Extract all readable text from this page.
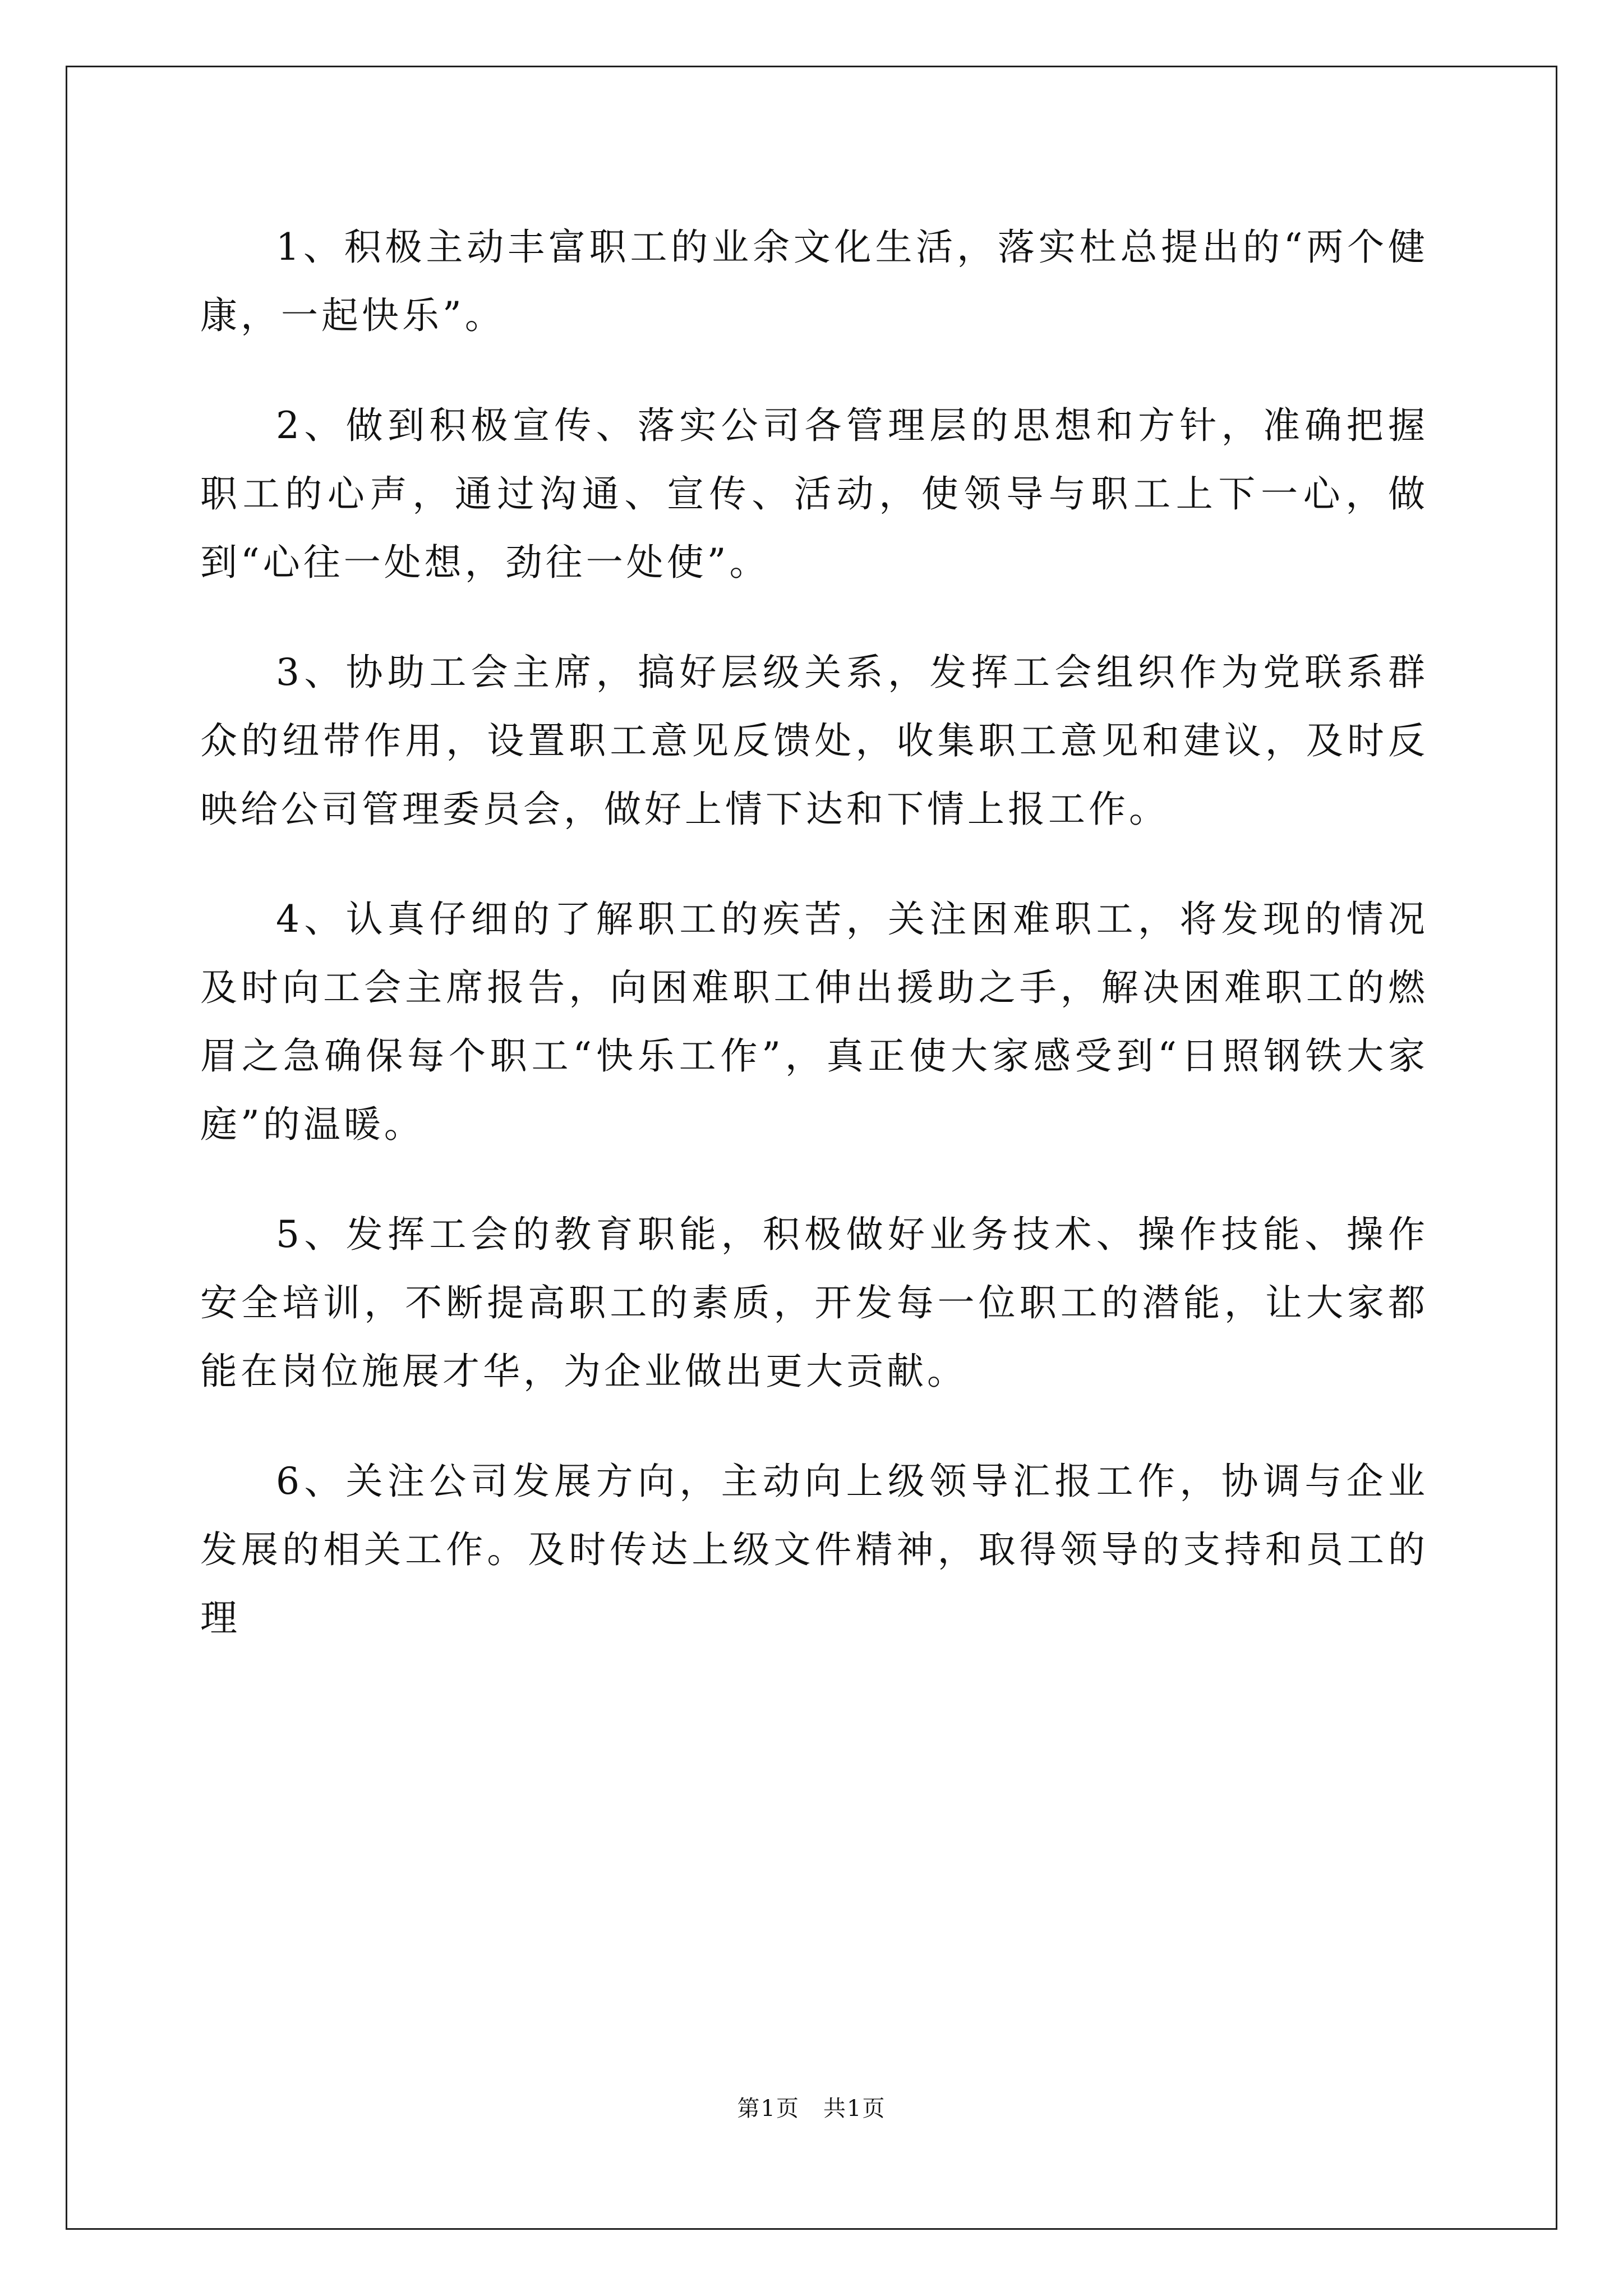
1、积极主动丰富职工的业余文化生活，落实杜总提出的“两个健康，一起快乐”。

2、做到积极宣传、落实公司各管理层的思想和方针，准确把握职工的心声，通过沟通、宣传、活动，使领导与职工上下一心，做到“心往一处想，劲往一处使”。

3、协助工会主席，搞好层级关系，发挥工会组织作为党联系群众的纽带作用，设置职工意见反馈处，收集职工意见和建议，及时反映给公司管理委员会，做好上情下达和下情上报工作。

4、认真仔细的了解职工的疾苦，关注困难职工，将发现的情况及时向工会主席报告，向困难职工伸出援助之手，解决困难职工的燃眉之急确保每个职工“快乐工作”，真正使大家感受到“日照钢铁大家庭”的温暖。

5、发挥工会的教育职能，积极做好业务技术、操作技能、操作安全培训，不断提高职工的素质，开发每一位职工的潜能，让大家都能在岗位施展才华，为企业做出更大贡献。

6、关注公司发展方向，主动向上级领导汇报工作，协调与企业发展的相关工作。及时传达上级文件精神，取得领导的支持和员工的理

第1页　共1页
